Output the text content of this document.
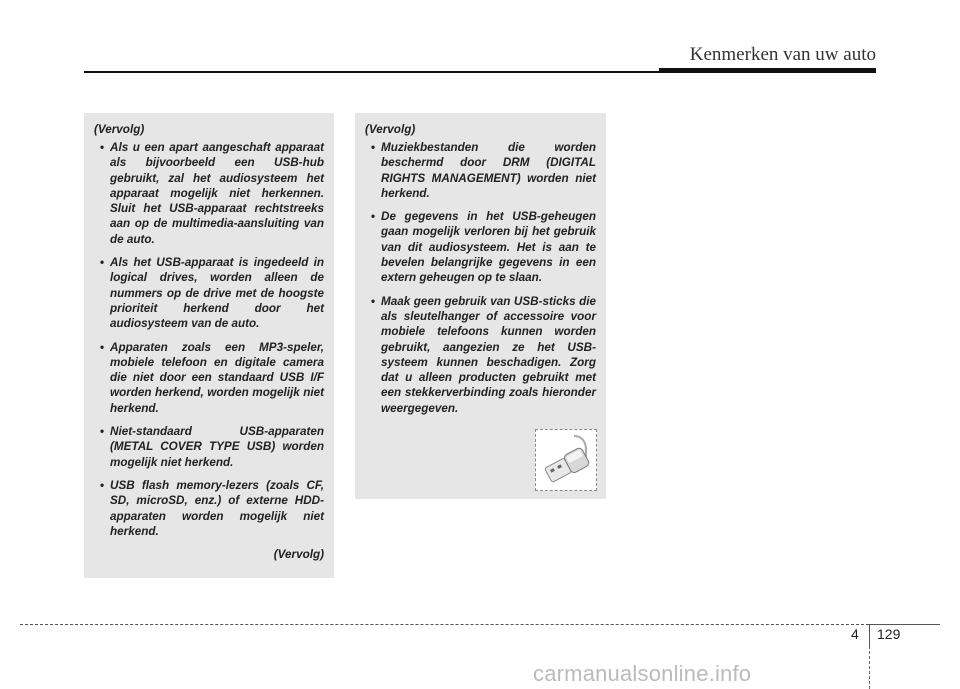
Kenmerken van uw auto
(Vervolg)
• Als u een apart aangeschaft apparaat als bijvoorbeeld een USB-hub gebruikt, zal het audiosysteem het apparaat mogelijk niet herkennen. Sluit het USB-apparaat rechtstreeks aan op de multimedia-aansluiting van de auto.
• Als het USB-apparaat is ingedeeld in logical drives, worden alleen de nummers op de drive met de hoogste prioriteit herkend door het audiosysteem van de auto.
• Apparaten zoals een MP3-speler, mobiele telefoon en digitale camera die niet door een standaard USB I/F worden herkend, worden mogelijk niet herkend.
• Niet-standaard USB-apparaten (METAL COVER TYPE USB) worden mogelijk niet herkend.
• USB flash memory-lezers (zoals CF, SD, microSD, enz.) of externe HDD-apparaten worden mogelijk niet herkend.
(Vervolg)
(Vervolg)
• Muziekbestanden die worden beschermd door DRM (DIGITAL RIGHTS MANAGEMENT) worden niet herkend.
• De gegevens in het USB-geheugen gaan mogelijk verloren bij het gebruik van dit audiosysteem. Het is aan te bevelen belangrijke gegevens in een extern geheugen op te slaan.
• Maak geen gebruik van USB-sticks die als sleutelhanger of accessoire voor mobiele telefoons kunnen worden gebruikt, aangezien ze het USB-systeem kunnen beschadigen. Zorg dat u alleen producten gebruikt met een stekkerverbinding zoals hieronder weergegeven.
4 129
carmanualsonline.info
